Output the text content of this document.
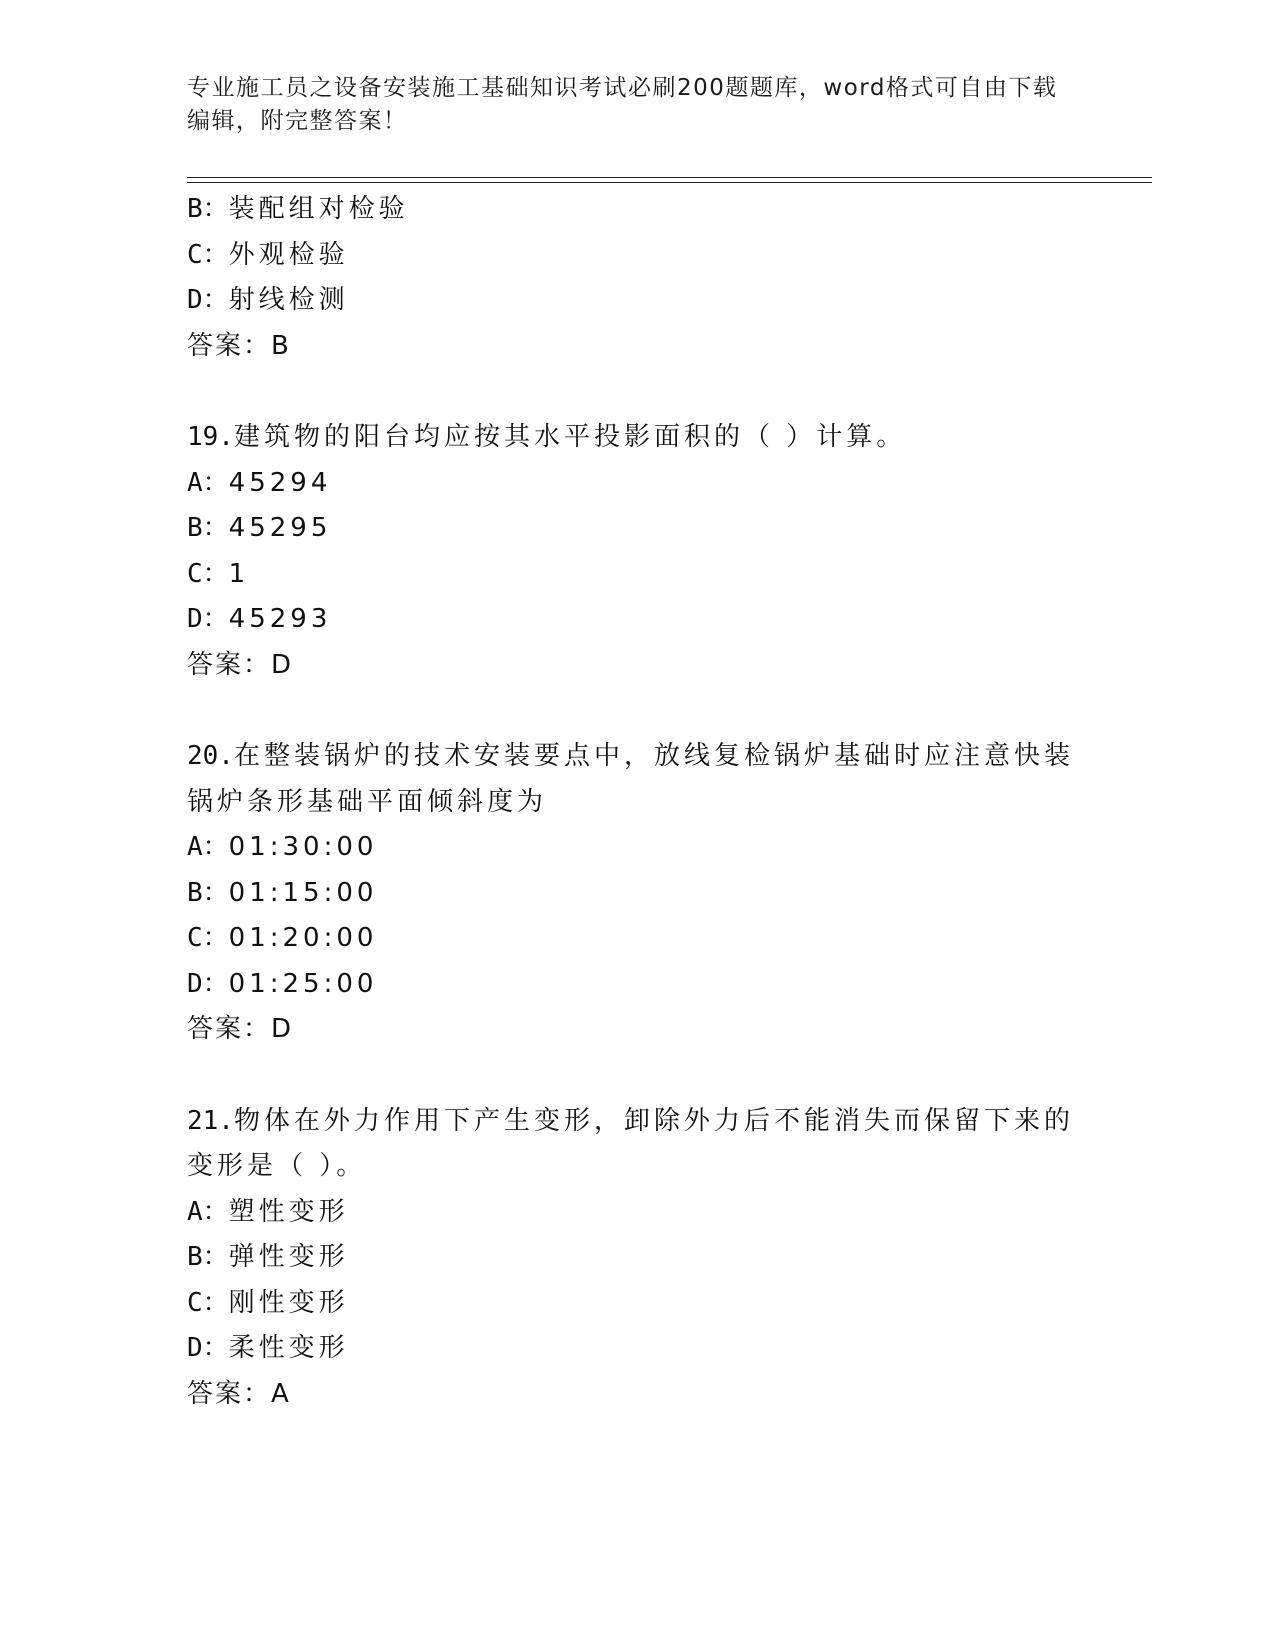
专业施工员之设备安装施工基础知识考试必刷200题题库，word格式可自由下载编辑，附完整答案！
B：装配组对检验
C：外观检验
D：射线检测
答案：B
19.建筑物的阳台均应按其水平投影面积的（ ）计算。
A：45294
B：45295
C：1
D：45293
答案：D
20.在整装锅炉的技术安装要点中，放线复检锅炉基础时应注意快装锅炉条形基础平面倾斜度为
A：01:30:00
B：01:15:00
C：01:20:00
D：01:25:00
答案：D
21.物体在外力作用下产生变形，卸除外力后不能消失而保留下来的变形是（ ）。
A：塑性变形
B：弹性变形
C：刚性变形
D：柔性变形
答案：A
